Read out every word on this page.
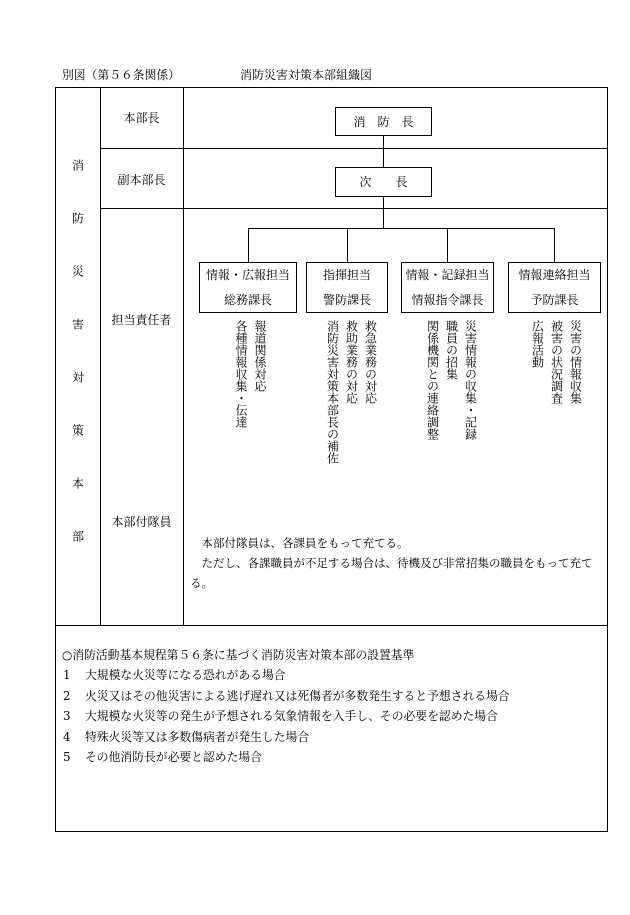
別図（第５６条関係）	消防災害対策本部組織図
消防災害対策本部
本部長
副本部長
担当責任者
本部付隊員
消　防　長
次　　長
情報・広報担当
総務課長
指揮担当
警防課長
情報・記録担当
情報指令課長
情報連絡担当
予防課長
報道関係対応
各種情報収集・伝達	救急業務の対応
救助業務の対応
消防災害対策本部長の補佐	災害情報の収集・記録
職員の招集
関係機関との連絡調整	災害の情報収集
被害の状況調査
広報活動

本部付隊員は、各課員をもって充てる。

ただし、各課職員が不足する場合は、待機及び非常招集の職員をもって充てる。

○消防活動基本規程第５６条に基づく消防災害対策本部の設置基準
1	大規模な火災等になる恐れがある場合
2	火災又はその他災害による逃げ遅れ又は死傷者が多数発生すると予想される場合
3	大規模な火災等の発生が予想される気象情報を入手し、その必要を認めた場合
4	特殊火災等又は多数傷病者が発生した場合
5	その他消防長が必要と認めた場合
